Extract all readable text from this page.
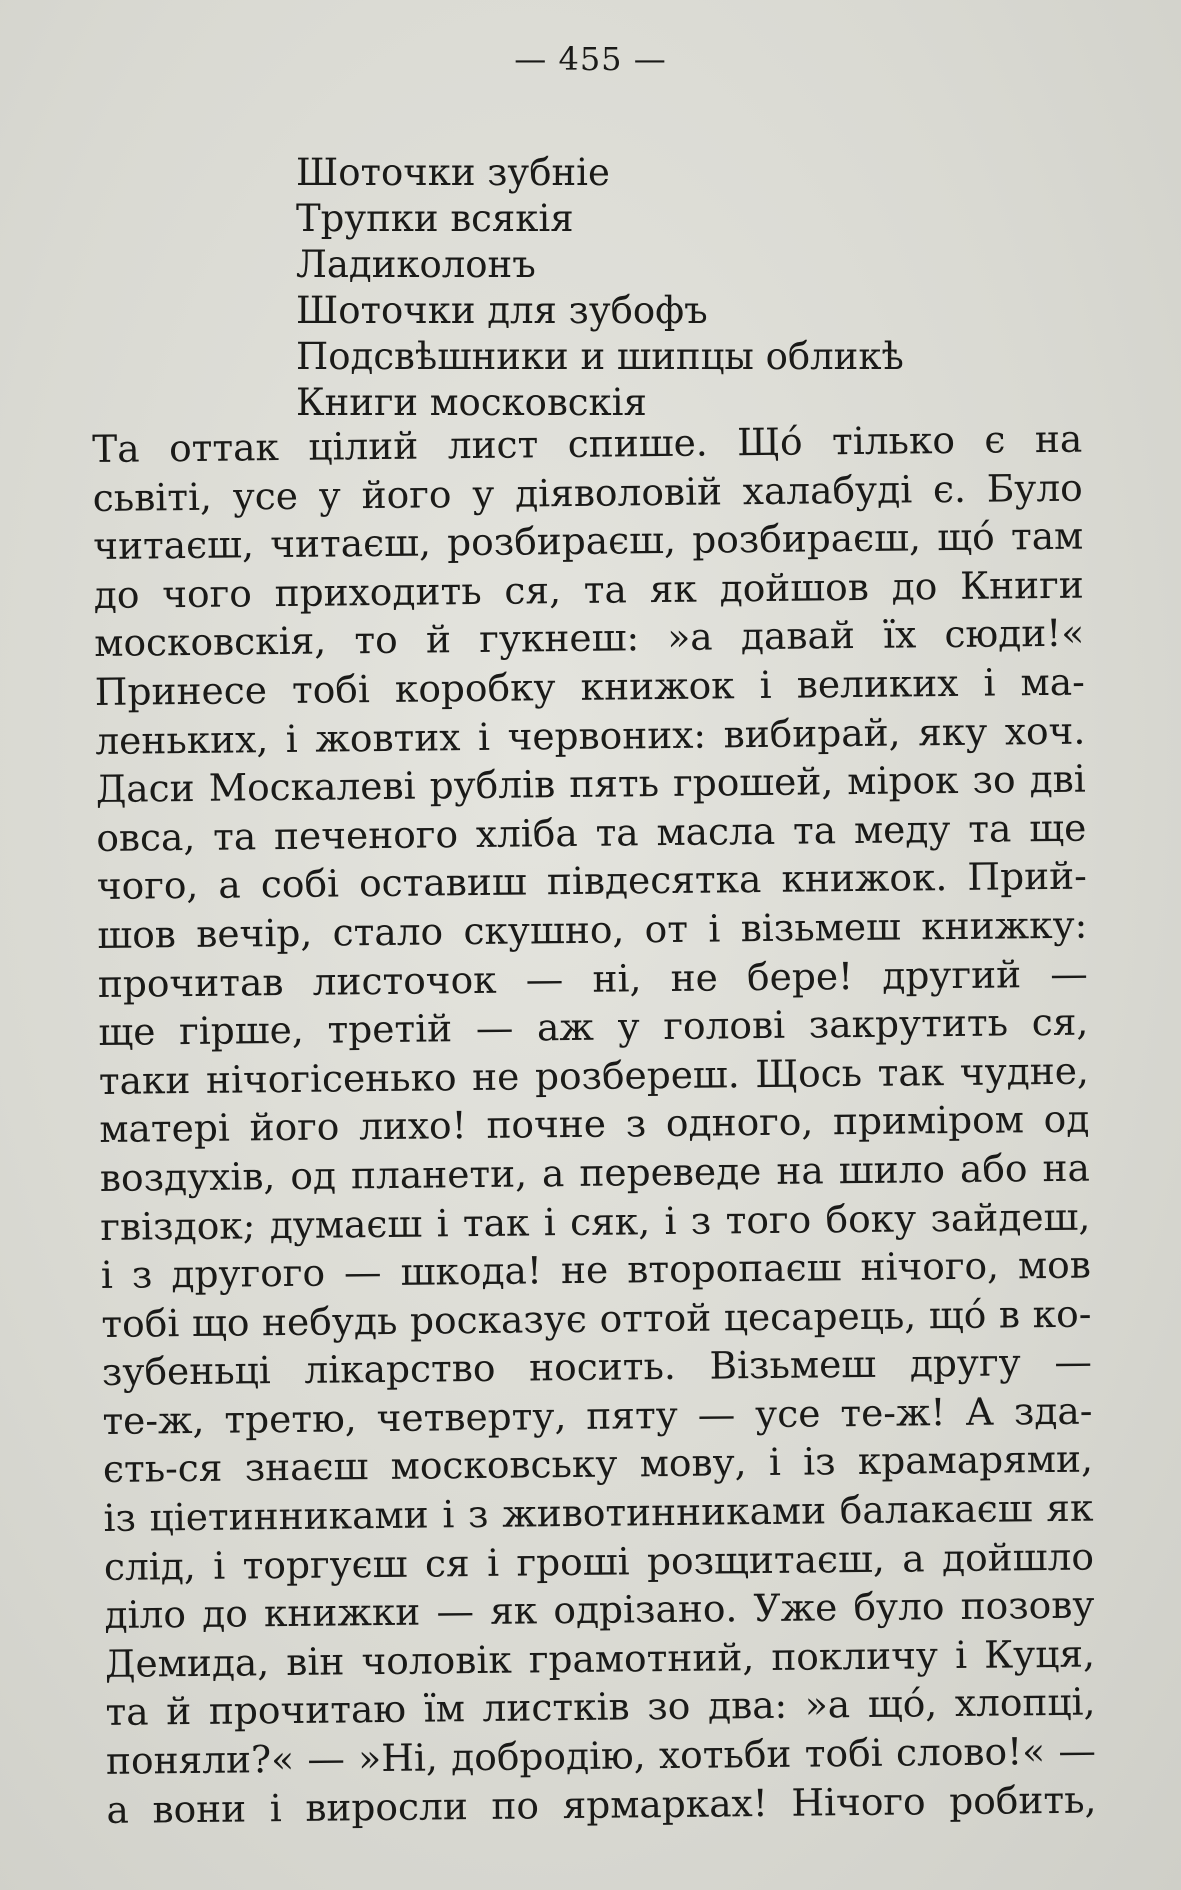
— 455 —
Шоточки зубніе
Трупки всякія
Ладиколонъ
Шоточки для зубофъ
Подсвѣшники и шипцы обликѣ
Книги московскія
Та оттак цілий лист спише. Щó тілько є на
сьвіті, усе у його у діяволовій халабуді є. Було
читаєш, читаєш, розбираєш, розбираєш, щó там
до чого приходить ся, та як дойшов до Книги
московскія, то й гукнеш: »а давай їх сюди!«
Принесе тобі коробку книжок і великих і ма-
леньких, і жовтих і червоних: вибирай, яку хоч.
Даси Москалеві рублів пять грошей, мірок зо дві
овса, та печеного хліба та масла та меду та ще
чого, а собі оставиш півдесятка книжок. Прий-
шов вечір, стало скушно, от і візьмеш книжку:
прочитав листочок — ні, не бере! другий —
ще гірше, третій — аж у голові закрутить ся,
таки нічогісенько не розбереш. Щось так чудне,
матері його лихо! почне з одного, приміром од
воздухів, од планети, а переведе на шило або на
гвіздок; думаєш і так і сяк, і з того боку зайдеш,
і з другого — шкода! не второпаєш нічого, мов
тобі що небудь росказує оттой цесарець, щó в ко-
зубеньці лікарство носить. Візьмеш другу —
те-ж, третю, четверту, пяту — усе те-ж! А зда-
єть-ся знаєш московську мову, і із крамарями,
із ціетинниками і з животинниками балакаєш як
слід, і торгуєш ся і гроші розщитаєш, а дойшло
діло до книжки — як одрізано. Уже було позову
Демида, він чоловік грамотний, покличу і Куця,
та й прочитаю їм листків зо два: »а щó, хлопці,
поняли?« — »Ні, добродію, хотьби тобі слово!« —
а вони і виросли по ярмарках! Нічого робить,
